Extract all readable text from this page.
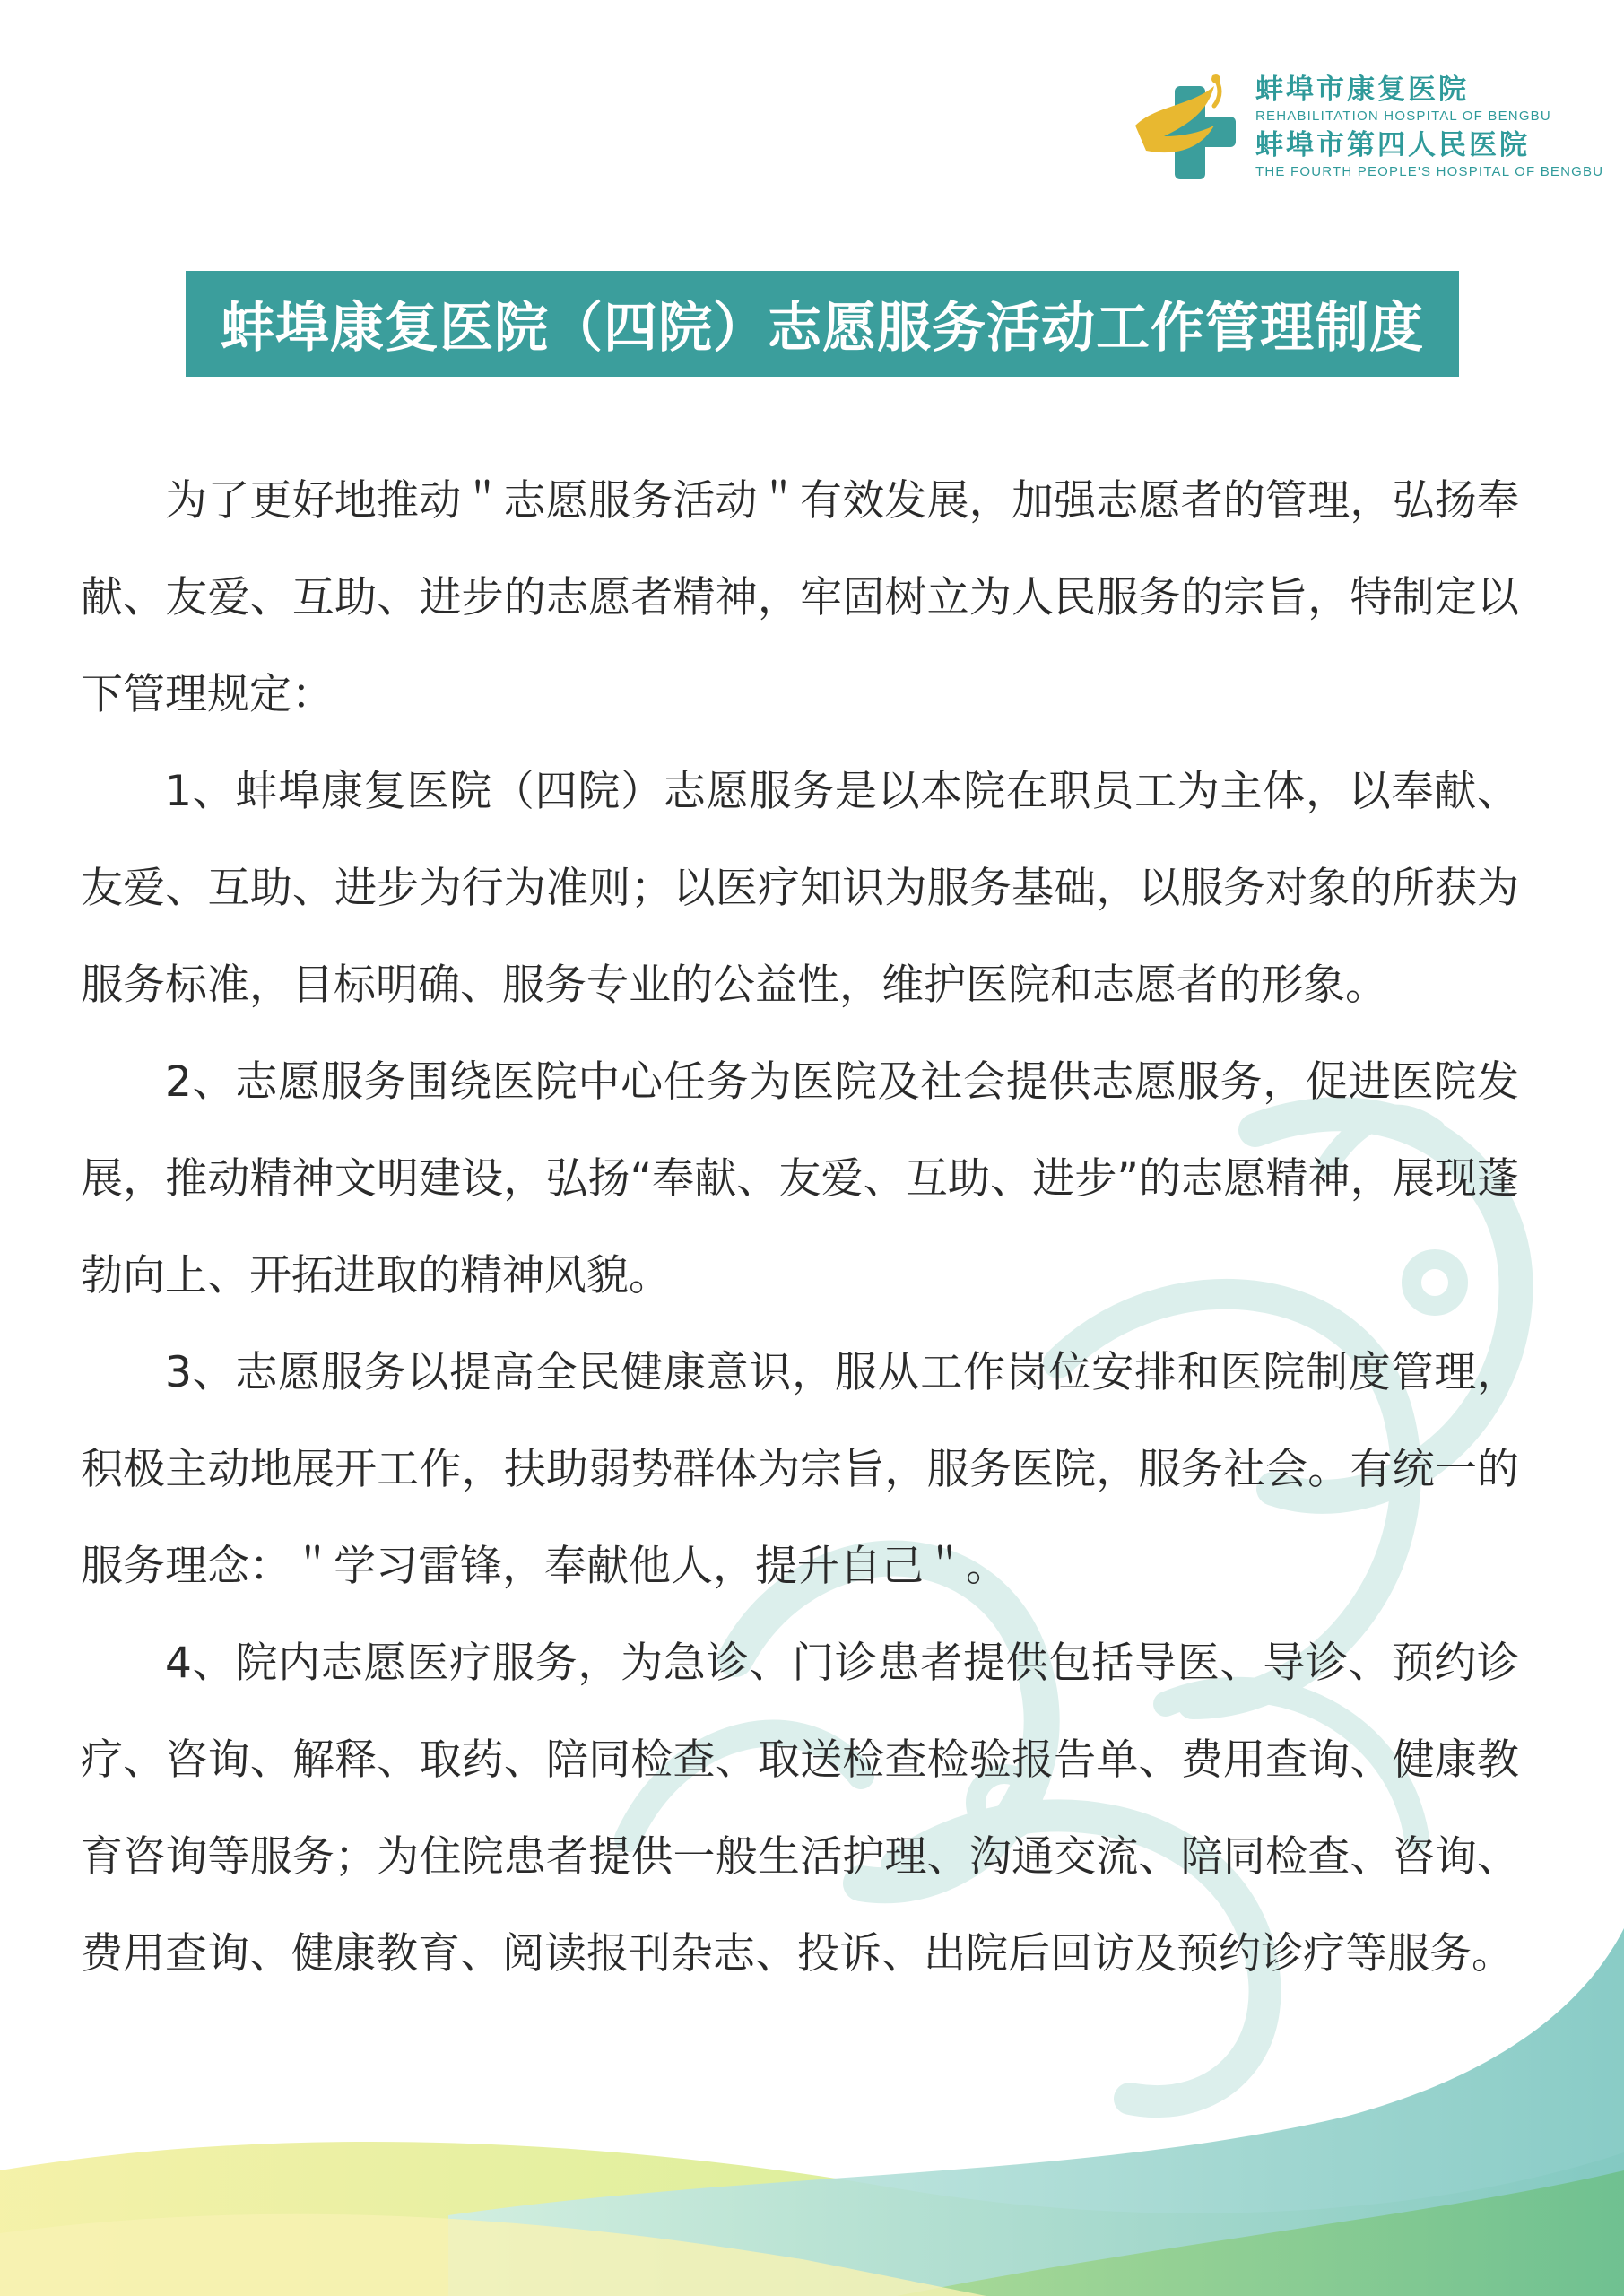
蚌埠市康复医院
REHABILITATION HOSPITAL OF BENGBU
蚌埠市第四人民医院
THE FOURTH PEOPLE'S HOSPITAL OF BENGBU
蚌埠康复医院（四院）志愿服务活动工作管理制度

为了更好地推动＂志愿服务活动＂有效发展，加强志愿者的管理，弘扬奉献、友爱、互助、进步的志愿者精神，牢固树立为人民服务的宗旨，特制定以下管理规定：

1、蚌埠康复医院（四院）志愿服务是以本院在职员工为主体，以奉献、友爱、互助、进步为行为准则；以医疗知识为服务基础，以服务对象的所获为服务标准，目标明确、服务专业的公益性，维护医院和志愿者的形象。

2、志愿服务围绕医院中心任务为医院及社会提供志愿服务，促进医院发展，推动精神文明建设，弘扬“奉献、友爱、互助、进步”的志愿精神，展现蓬勃向上、开拓进取的精神风貌。

3、志愿服务以提高全民健康意识，服从工作岗位安排和医院制度管理，积极主动地展开工作，扶助弱势群体为宗旨，服务医院，服务社会。有统一的服务理念：＂学习雷锋，奉献他人，提升自己＂。

4、院内志愿医疗服务，为急诊、门诊患者提供包括导医、导诊、预约诊疗、咨询、解释、取药、陪同检查、取送检查检验报告单、费用查询、健康教育咨询等服务；为住院患者提供一般生活护理、沟通交流、陪同检查、咨询、费用查询、健康教育、阅读报刊杂志、投诉、出院后回访及预约诊疗等服务。
